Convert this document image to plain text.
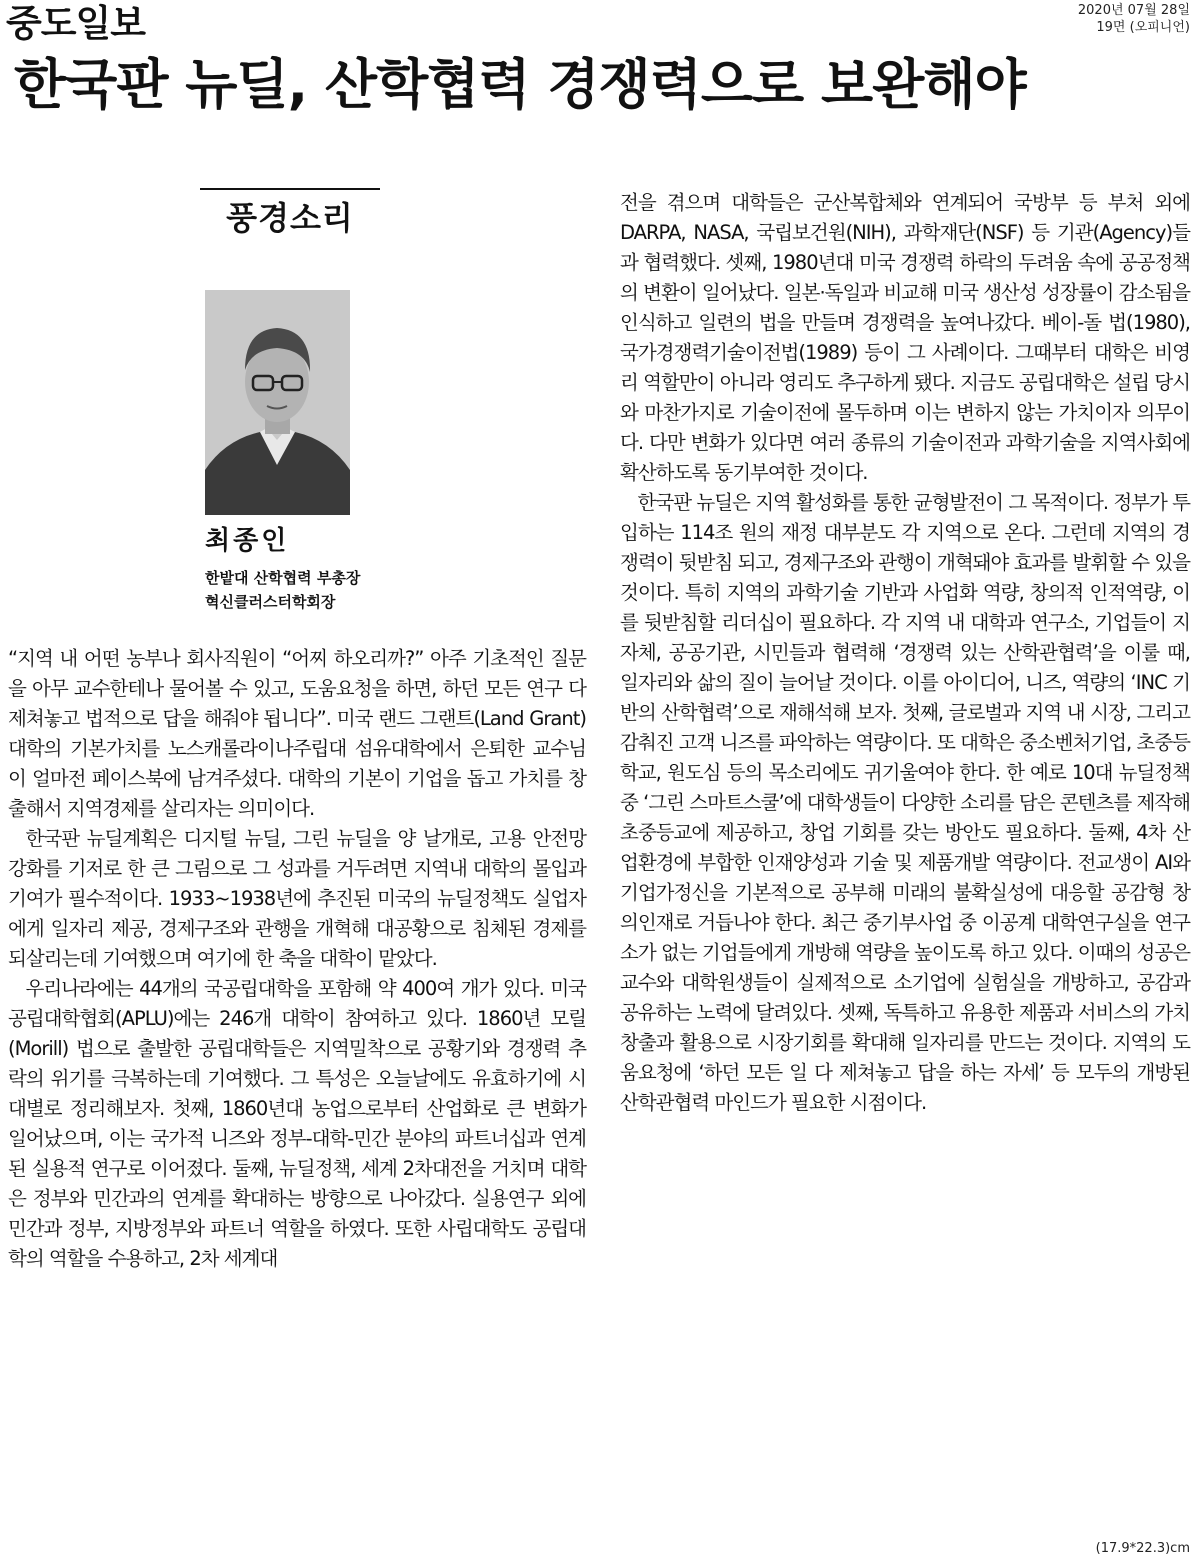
중도일보	2020년 07월 28일
19면 (오피니언)
한국판 뉴딜, 산학협력 경쟁력으로 보완해야
풍경소리
최종인
한밭대 산학협력 부총장
혁신클러스터학회장

“지역 내 어떤 농부나 회사직원이 “어찌 하오리까?” 아주 기초적인 질문을 아무 교수한테나 물어볼 수 있고, 도움요청을 하면, 하던 모든 연구 다 제쳐놓고 법적으로 답을 해줘야 됩니다”. 미국 랜드 그랜트(Land Grant) 대학의 기본가치를 노스캐롤라이나주립대 섬유대학에서 은퇴한 교수님이 얼마전 페이스북에 남겨주셨다. 대학의 기본이 기업을 돕고 가치를 창출해서 지역경제를 살리자는 의미이다.

한국판 뉴딜계획은 디지털 뉴딜, 그린 뉴딜을 양 날개로, 고용 안전망 강화를 기저로 한 큰 그림으로 그 성과를 거두려면 지역내 대학의 몰입과 기여가 필수적이다. 1933~1938년에 추진된 미국의 뉴딜정책도 실업자에게 일자리 제공, 경제구조와 관행을 개혁해 대공황으로 침체된 경제를 되살리는데 기여했으며 여기에 한 축을 대학이 맡았다.

우리나라에는 44개의 국공립대학을 포함해 약 400여 개가 있다. 미국 공립대학협회(APLU)에는 246개 대학이 참여하고 있다. 1860년 모릴(Morill) 법으로 출발한 공립대학들은 지역밀착으로 공황기와 경쟁력 추락의 위기를 극복하는데 기여했다. 그 특성은 오늘날에도 유효하기에 시대별로 정리해보자. 첫째, 1860년대 농업으로부터 산업화로 큰 변화가 일어났으며, 이는 국가적 니즈와 정부-대학-민간 분야의 파트너십과 연계된 실용적 연구로 이어졌다. 둘째, 뉴딜정책, 세계 2차대전을 거치며 대학은 정부와 민간과의 연계를 확대하는 방향으로 나아갔다. 실용연구 외에 민간과 정부, 지방정부와 파트너 역할을 하였다. 또한 사립대학도 공립대학의 역할을 수용하고, 2차 세계대

전을 겪으며 대학들은 군산복합체와 연계되어 국방부 등 부처 외에 DARPA, NASA, 국립보건원(NIH), 과학재단(NSF) 등 기관(Agency)들과 협력했다. 셋째, 1980년대 미국 경쟁력 하락의 두려움 속에 공공정책의 변환이 일어났다. 일본·독일과 비교해 미국 생산성 성장률이 감소됨을 인식하고 일련의 법을 만들며 경쟁력을 높여나갔다. 베이-돌 법(1980), 국가경쟁력기술이전법(1989) 등이 그 사례이다. 그때부터 대학은 비영리 역할만이 아니라 영리도 추구하게 됐다. 지금도 공립대학은 설립 당시와 마찬가지로 기술이전에 몰두하며 이는 변하지 않는 가치이자 의무이다. 다만 변화가 있다면 여러 종류의 기술이전과 과학기술을 지역사회에 확산하도록 동기부여한 것이다.

한국판 뉴딜은 지역 활성화를 통한 균형발전이 그 목적이다. 정부가 투입하는 114조 원의 재정 대부분도 각 지역으로 온다. 그런데 지역의 경쟁력이 뒷받침 되고, 경제구조와 관행이 개혁돼야 효과를 발휘할 수 있을 것이다. 특히 지역의 과학기술 기반과 사업화 역량, 창의적 인적역량, 이를 뒷받침할 리더십이 필요하다. 각 지역 내 대학과 연구소, 기업들이 지자체, 공공기관, 시민들과 협력해 ‘경쟁력 있는 산학관협력’을 이룰 때, 일자리와 삶의 질이 늘어날 것이다. 이를 아이디어, 니즈, 역량의 ‘INC 기반의 산학협력’으로 재해석해 보자. 첫째, 글로벌과 지역 내 시장, 그리고 감춰진 고객 니즈를 파악하는 역량이다. 또 대학은 중소벤처기업, 초중등학교, 원도심 등의 목소리에도 귀기울여야 한다. 한 예로 10대 뉴딜정책 중 ‘그린 스마트스쿨’에 대학생들이 다양한 소리를 담은 콘텐츠를 제작해 초중등교에 제공하고, 창업 기회를 갖는 방안도 필요하다. 둘째, 4차 산업환경에 부합한 인재양성과 기술 및 제품개발 역량이다. 전교생이 AI와 기업가정신을 기본적으로 공부해 미래의 불확실성에 대응할 공감형 창의인재로 거듭나야 한다. 최근 중기부사업 중 이공계 대학연구실을 연구소가 없는 기업들에게 개방해 역량을 높이도록 하고 있다. 이때의 성공은 교수와 대학원생들이 실제적으로 소기업에 실험실을 개방하고, 공감과 공유하는 노력에 달려있다. 셋째, 독특하고 유용한 제품과 서비스의 가치 창출과 활용으로 시장기회를 확대해 일자리를 만드는 것이다. 지역의 도움요청에 ‘하던 모든 일 다 제쳐놓고 답을 하는 자세’ 등 모두의 개방된 산학관협력 마인드가 필요한 시점이다.

(17.9*22.3)cm
